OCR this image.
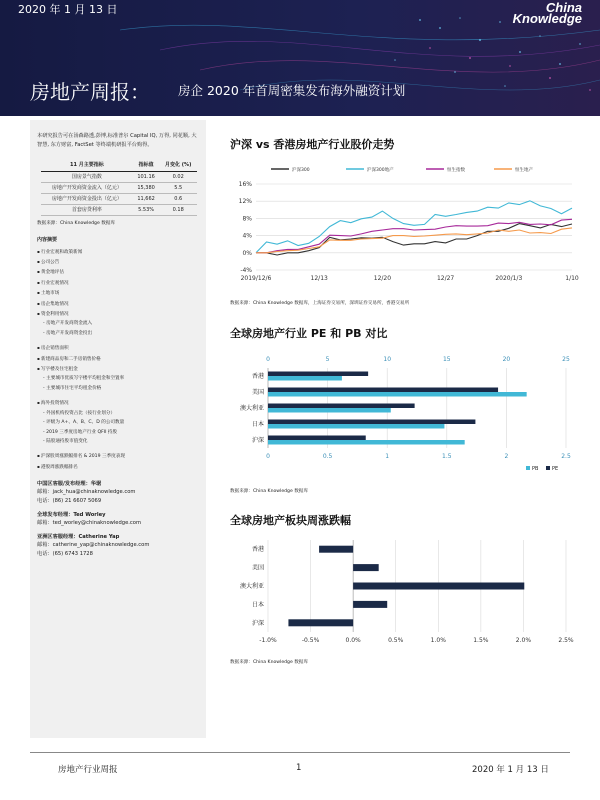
2020 年 1 月 13 日	China
Knowledge
房地产周报： 房企 2020 年首周密集发布海外融资计划
本研究报告可在汤森路透,彭博,标准普尔 Capital IQ, 万得, 同花顺, 大智慧, 东方财富, FactSet 等终端机研报平台购得。
11 月主要指标	指标值	月变化 (%)
国房景气指数	101.16	0.02
房地产开发商资金流入（亿元）	15,380	5.5
房地产开发商资金投出（亿元）	11,662	0.6
首套房贷利率	5.53%	0.18
数据来源：China Knowledge 数据库
内容摘要
▪ 行业宏观和政策新闻
▪ 公司公告
▪ 黄金地评估
▪ 行业宏观情况
▪ 土地市场
▪ 房企集地情况
▪ 资金利用情况
- 房地产开发商资金流入
- 房地产开发商资金投出
▪ 房企销售面积
▪ 新建商品房和二手房销售价格
▪ 写字楼及住宅租金
- 主要城市优质写字楼平均租金和空置率
- 主要城市住宅平均租金价格
▪ 海外投资情况
- 外国机构投资占比（按行业划分）
- 评级为 A+、A、B、C、D 的公司数量
- 2019 三季度房地产行业 QFII 持股
- 陆股通持股市值变化
▪ 沪深股周涨跌幅排名 & 2019 三季度表现
▪ 港股周涨跌幅排名
中国区客服/发布经理：华琚
邮箱：jack_hua@chinaknowledge.com
电话：(86) 21 6607 5069
全球发布经理：Ted Worley
邮箱：ted_worley@chinaknowledge.com
亚洲区客服经理：Catherine Yap
邮箱：catherine_yap@chinaknowledge.com
电话：(65) 6743 1728
沪深 vs 香港房地产行业股价走势
-4%
0%
4%
8%
12%
16%
2019/12/6	12/13	12/20	12/27	2020/1/3	1/10
沪深300	沪深300地产	恒生指数	恒生地产
数据来源：China Knowledge 数据库，上海证券交易所，深圳证券交易所，香港交易所
全球房地产行业 PE 和 PB 对比
0	5	10	15	20	25
0	0.5	1	1.5	2	2.5
香港
美国
澳大利亚
日本
沪深
PB	PE
数据来源：China Knowledge 数据库
全球房地产板块周涨跌幅
-1.0%	-0.5%	0.0%	0.5%	1.0%	1.5%	2.0%	2.5%
香港
美国
澳大利亚
日本
沪深
数据来源：China Knowledge 数据库
房地产行业周报	1	2020 年 1 月 13 日
